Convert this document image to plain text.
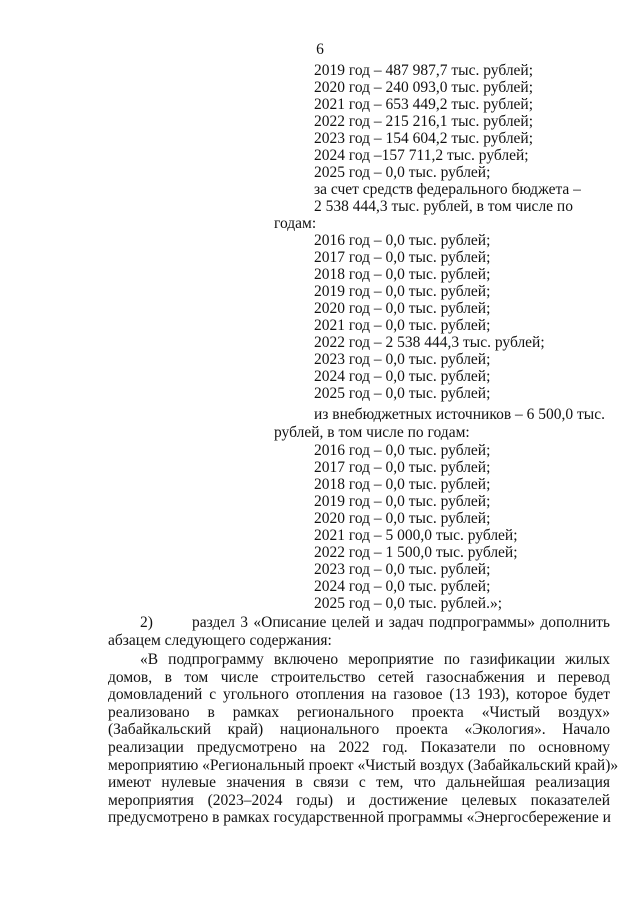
6
2019 год – 487 987,7 тыс. рублей;
2020 год – 240 093,0 тыс. рублей;
2021 год – 653 449,2 тыс. рублей;
2022 год – 215 216,1 тыс. рублей;
2023 год – 154 604,2 тыс. рублей;
2024 год –157 711,2 тыс. рублей;
2025 год – 0,0 тыс. рублей;
за счет средств федерального бюджета –
2 538 444,3 тыс. рублей, в том числе по
годам:
2016 год – 0,0 тыс. рублей;
2017 год – 0,0 тыс. рублей;
2018 год – 0,0 тыс. рублей;
2019 год – 0,0 тыс. рублей;
2020 год – 0,0 тыс. рублей;
2021 год – 0,0 тыс. рублей;
2022 год – 2 538 444,3 тыс. рублей;
2023 год – 0,0 тыс. рублей;
2024 год – 0,0 тыс. рублей;
2025 год – 0,0 тыс. рублей;
из внебюджетных источников – 6 500,0 тыс.
рублей, в том числе по годам:
2016 год – 0,0 тыс. рублей;
2017 год – 0,0 тыс. рублей;
2018 год – 0,0 тыс. рублей;
2019 год – 0,0 тыс. рублей;
2020 год – 0,0 тыс. рублей;
2021 год – 5 000,0 тыс. рублей;
2022 год – 1 500,0 тыс. рублей;
2023 год – 0,0 тыс. рублей;
2024 год – 0,0 тыс. рублей;
2025 год – 0,0 тыс. рублей.»;
2)	раздел 3 «Описание целей и задач подпрограммы» дополнить
абзацем следующего содержания:
«В подпрограмму включено мероприятие по газификации жилых
домов, в том числе строительство сетей газоснабжения и перевод
домовладений с угольного отопления на газовое (13 193), которое будет
реализовано в рамках регионального проекта «Чистый воздух»
(Забайкальский край) национального проекта «Экология». Начало
реализации предусмотрено на 2022 год. Показатели по основному
мероприятию «Региональный проект «Чистый воздух (Забайкальский край)»
имеют нулевые значения в связи с тем, что дальнейшая реализация
мероприятия (2023–2024 годы) и достижение целевых показателей
предусмотрено в рамках государственной программы «Энергосбережение и
